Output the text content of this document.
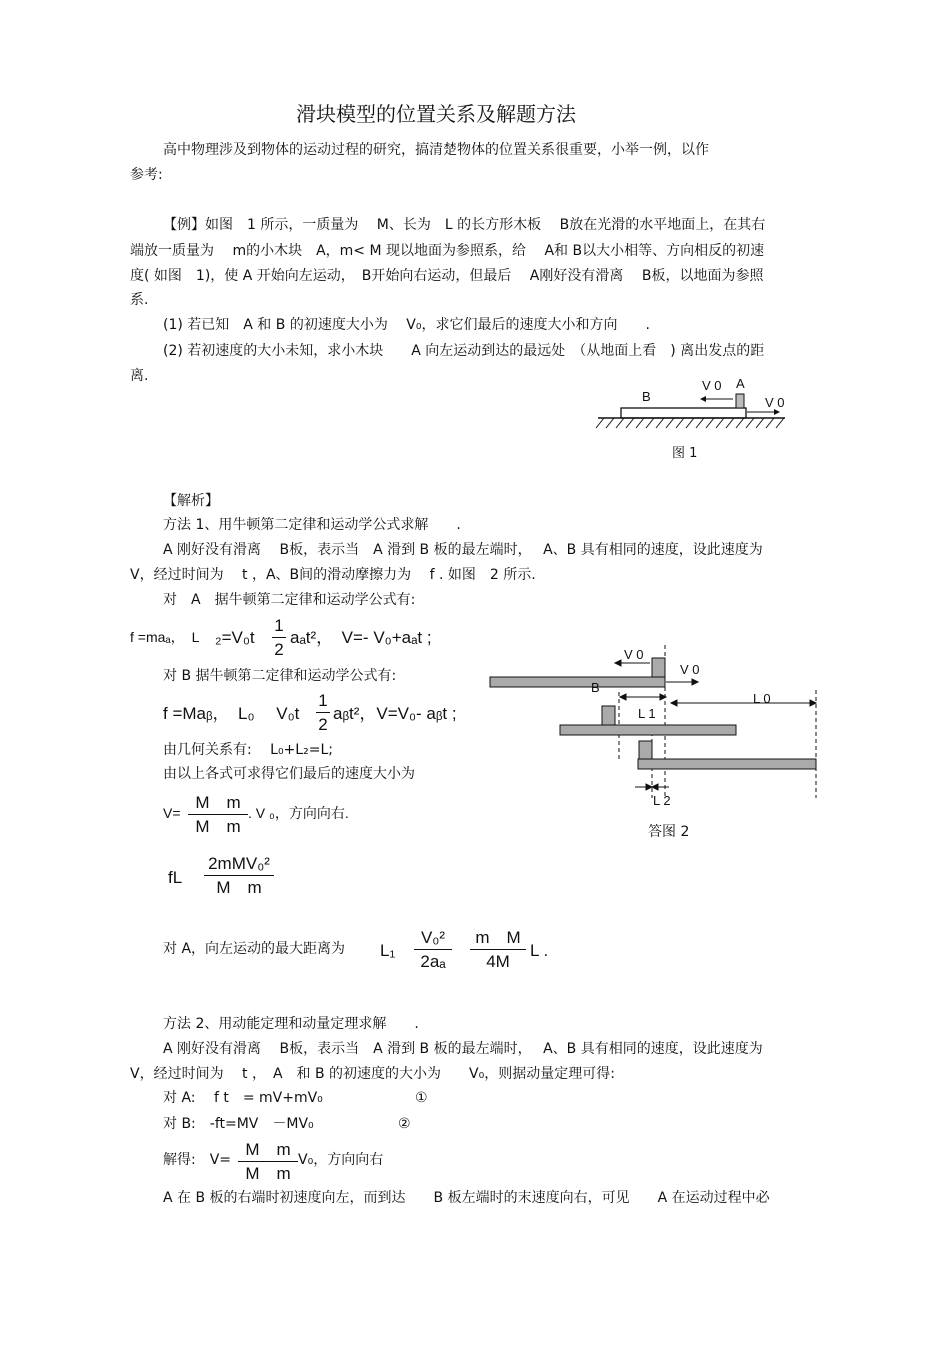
滑块模型的位置关系及解题方法
高中物理涉及到物体的运动过程的研究，搞清楚物体的位置关系很重要，小举一例，以作
参考:
【例】如图　1 所示，一质量为　 M、长为　L 的长方形木板　 B放在光滑的水平地面上，在其右
端放一质量为　 m的小木块　A，m< M 现以地面为参照系，给　 A和 B以大小相等、方向相反的初速
度( 如图　1)，使 A 开始向左运动，　B开始向右运动，但最后　 A刚好没有滑离　 B板，以地面为参照
系.
(1) 若已知　A 和 B 的初速度大小为　 V₀，求它们最后的速度大小和方向　　.
(2) 若初速度的大小未知，求小木块　　A 向左运动到达的最远处　（从地面上看　) 离出发点的距
离.
V 0 A
B	V 0
图 1
【解析】
方法 1、用牛顿第二定律和运动学公式求解　　.
A 刚好没有滑离　 B板，表示当　A 滑到 B 板的最左端时，　 A、B 具有相同的速度，设此速度为
V，经过时间为　 t ，A、B间的滑动摩擦力为　 f . 如图　2 所示.
对　A　据牛顿第二定律和运动学公式有:
f =maₐ，　L ₂=V₀t
1
2
aₐt²，　V=- V₀+aₐt ;
对 B 据牛顿第二定律和运动学公式有:
f =Maᵦ，　L₀　 V₀t
1
2
aᵦt²，V=V₀- aᵦt ;
由几何关系有:　 L₀+L₂=L;
由以上各式可求得它们最后的速度大小为
V=
M　m
M　m
. V ₀，方向向右.
fL
2mMV₀²
M　m
对 A，向左运动的最大距离为 L₁
V₀²
2aₐ
m　M
4M
L .
方法 2、用动能定理和动量定理求解　　.
A 刚好没有滑离　 B板，表示当　A 滑到 B 板的最左端时，　 A、B 具有相同的速度，设此速度为
V，经过时间为　 t ，　A　和 B 的初速度的大小为　　V₀，则据动量定理可得:
对 A:　 f t　= mV+mV₀	①
对 B:　-ft=MV　－MV₀	②
解得:　V=
M　m
M　m
V₀，方向向右
A 在 B 板的右端时初速度向左，而到达　　B 板左端时的末速度向右，可见　　A 在运动过程中必
V 0
V 0
B
L 1
L 0
L 2
答图 2
